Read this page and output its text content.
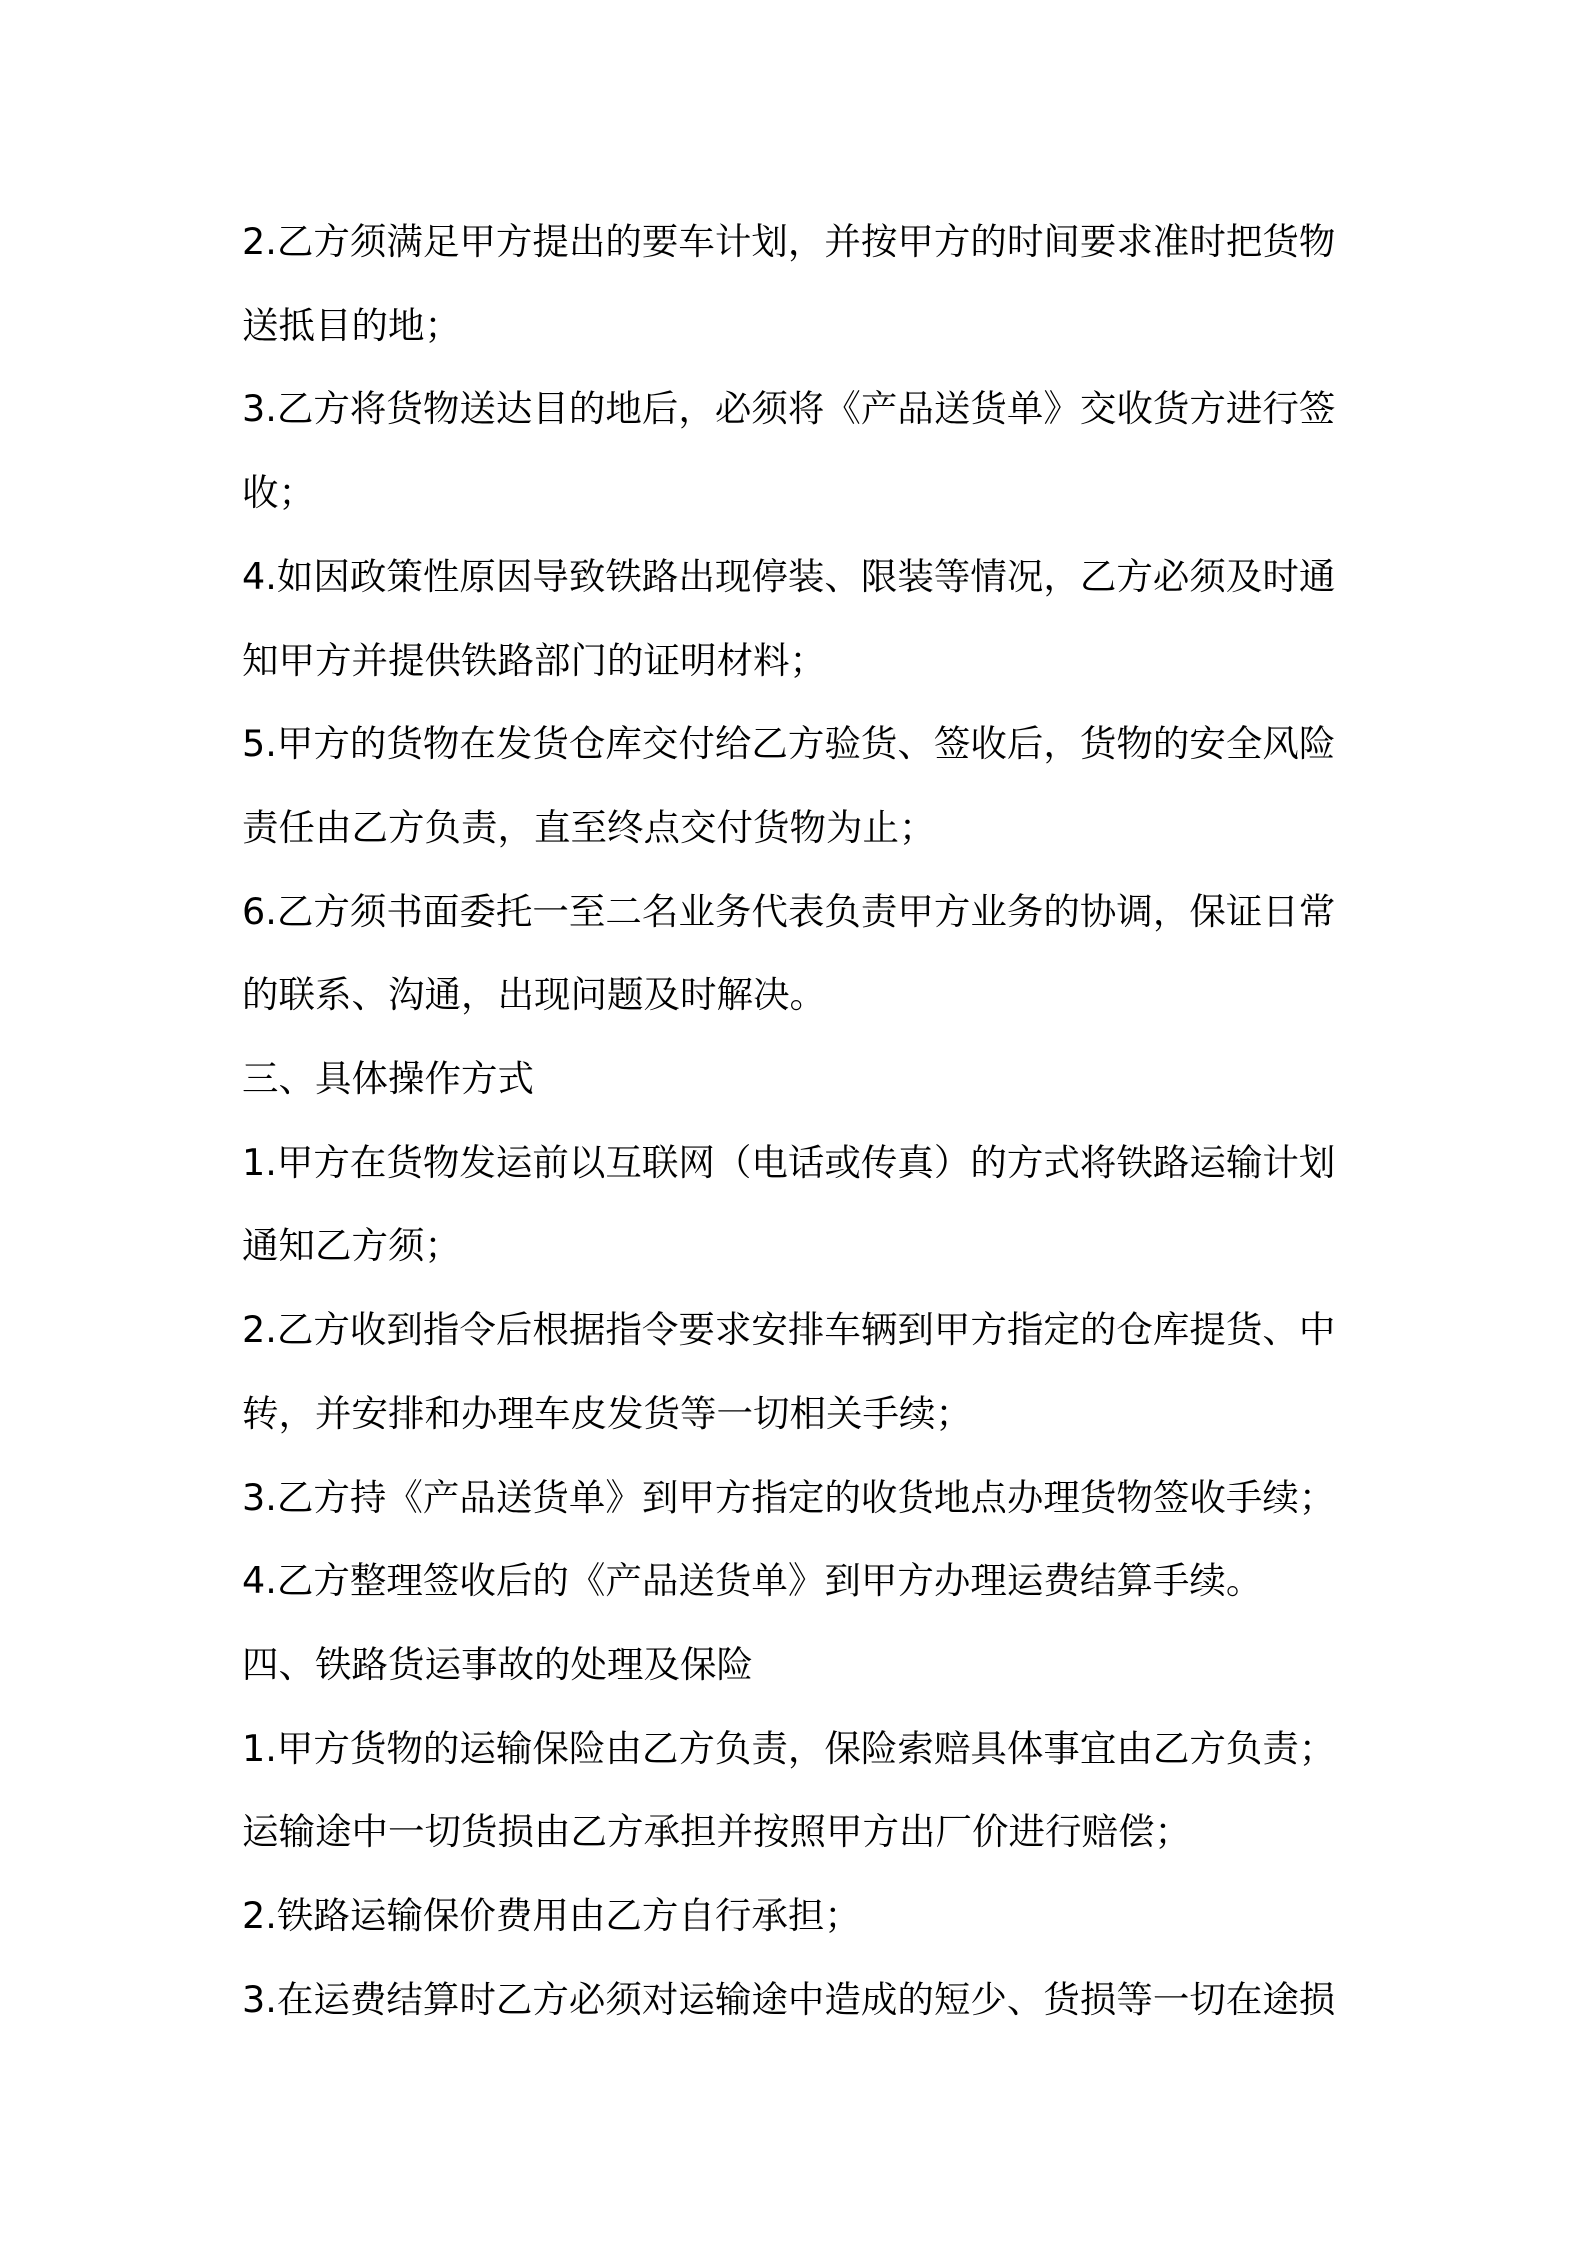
2.乙方须满足甲方提出的要车计划，并按甲方的时间要求准时把货物送抵目的地；

3.乙方将货物送达目的地后，必须将《产品送货单》交收货方进行签收；

4.如因政策性原因导致铁路出现停装、限装等情况，乙方必须及时通知甲方并提供铁路部门的证明材料；

5.甲方的货物在发货仓库交付给乙方验货、签收后，货物的安全风险责任由乙方负责，直至终点交付货物为止；

6.乙方须书面委托一至二名业务代表负责甲方业务的协调，保证日常的联系、沟通，出现问题及时解决。

三、具体操作方式

1.甲方在货物发运前以互联网（电话或传真）的方式将铁路运输计划通知乙方须；

2.乙方收到指令后根据指令要求安排车辆到甲方指定的仓库提货、中转，并安排和办理车皮发货等一切相关手续；

3.乙方持《产品送货单》到甲方指定的收货地点办理货物签收手续；

4.乙方整理签收后的《产品送货单》到甲方办理运费结算手续。

四、铁路货运事故的处理及保险

1.甲方货物的运输保险由乙方负责，保险索赔具体事宜由乙方负责；运输途中一切货损由乙方承担并按照甲方出厂价进行赔偿；

2.铁路运输保价费用由乙方自行承担；

3.在运费结算时乙方必须对运输途中造成的短少、货损等一切在途损
